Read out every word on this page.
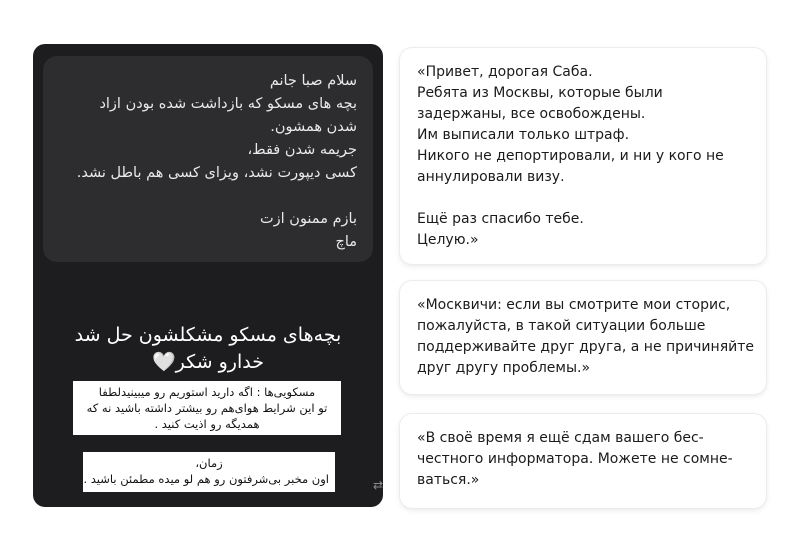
سلام صبا جانم
بچه های مسکو که بازداشت شده بودن ازاد
شدن همشون.
جریمه شدن فقط،
کسی دیپورت نشد، ویزای کسی هم باطل نشد.
بازم ممنون ازت
ماچ
بچه‌های مسکو مشکلشون حل شد
خدارو شکر🤍
مسکویی‌ها : اگه دارید استوریم رو میبینیدلطفا
تو این شرایط هوای‌هم رو بیشتر داشته باشید نه که
همدیگه رو اذیت کنید .
زمان،
اون مخبر بی‌شرفتون رو هم لو میده مطمئن باشید .	⇄
«Привет, дорогая Саба.
Ребята из Москвы, которые были
задержаны, все освобождены.
Им выписали только штраф.
Никого не депортировали, и ни у кого не
аннулировали визу.
Ещё раз спасибо тебе.
Целую.»
«Москвичи: если вы смотрите мои сторис,
пожалуйста, в такой ситуации больше
поддерживайте друг друга, а не причиняйте
друг другу проблемы.»
«В своё время я ещё сдам вашего бес-
честного информатора. Можете не сомне-
ваться.»
